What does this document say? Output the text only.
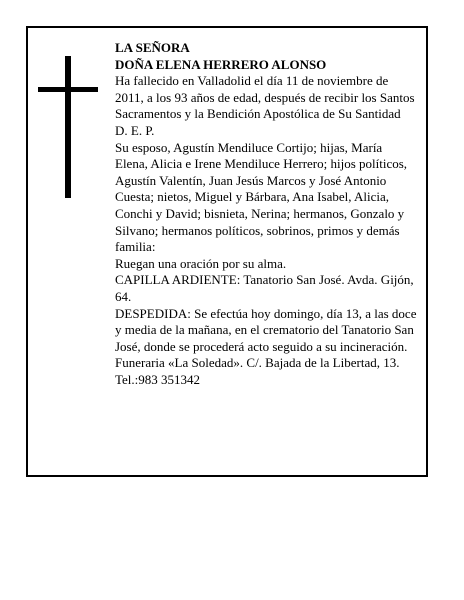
LA SEÑORA

DOÑA ELENA HERRERO ALONSO

Ha fallecido en Valladolid el día 11 de noviembre de 2011, a los 93 años de edad, después de recibir los Santos Sacramentos y la Bendición Apostólica de Su Santidad

D. E. P.

Su esposo, Agustín Mendiluce Cortijo; hijas, María Elena, Alicia e Irene Mendiluce Herrero; hijos políticos, Agustín Valentín, Juan Jesús Marcos y José Antonio Cuesta; nietos, Miguel y Bárbara, Ana Isabel, Alicia, Conchi y David; bisnieta, Nerina; hermanos, Gonzalo y Silvano; hermanos políticos, sobrinos, primos y demás familia:

Ruegan una oración por su alma.

CAPILLA ARDIENTE: Tanatorio San José. Avda. Gijón, 64.

DESPEDIDA: Se efectúa hoy domingo, día 13, a las doce y media de la mañana, en el crematorio del Tanatorio San José, donde se procederá acto seguido a su incineración.

Funeraria «La Soledad». C/. Bajada de la Libertad, 13.

Tel.:983 351342
